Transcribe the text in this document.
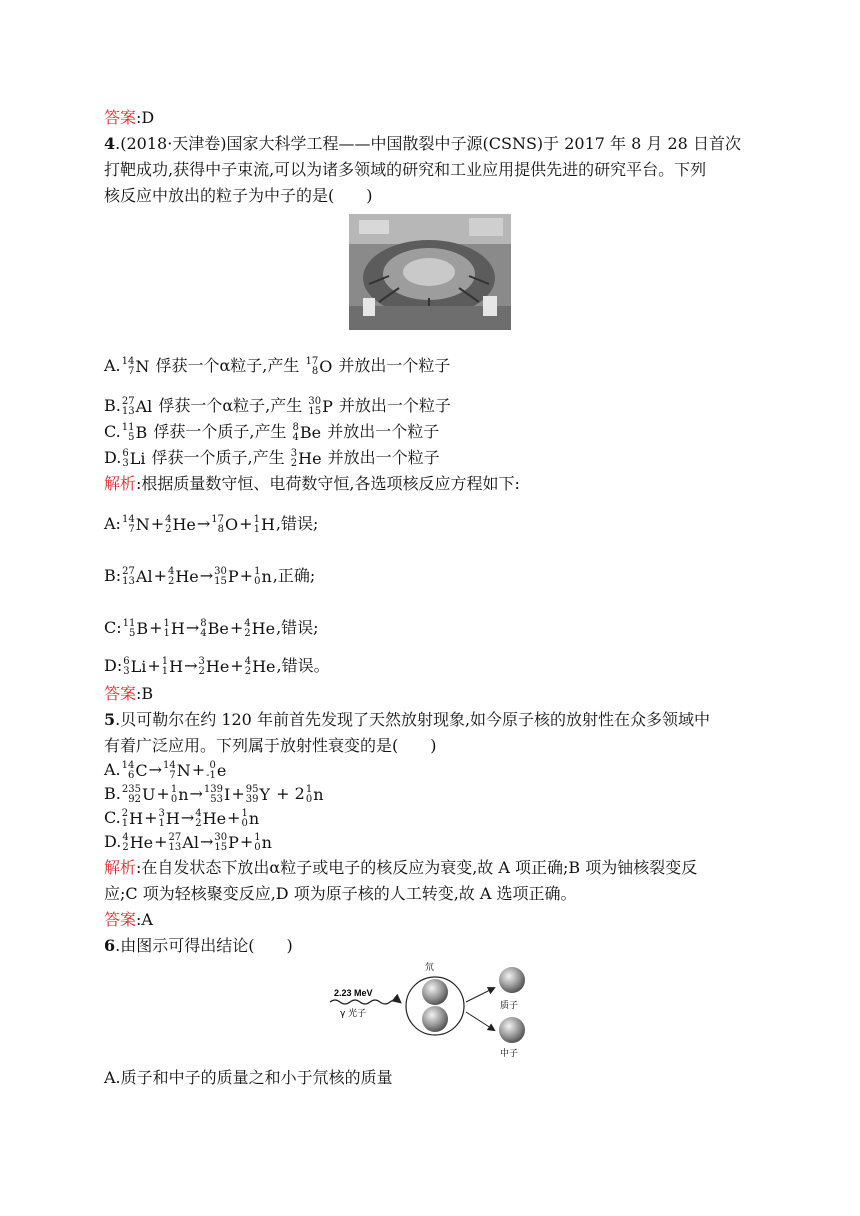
答案:D
4.(2018·天津卷)国家大科学工程——中国散裂中子源(CSNS)于 2017 年 8 月 28 日首次
打靶成功,获得中子束流,可以为诸多领域的研究和工业应用提供先进的研究平台。下列
核反应中放出的粒子为中子的是(　　)
A. 14
7 N 俘获一个α粒子,产生 17
8 O 并放出一个粒子
B. 27
13 Al 俘获一个α粒子,产生 30
15 P 并放出一个粒子
C. 11
5 B 俘获一个质子,产生 8
4 Be 并放出一个粒子
D. 6
3 Li 俘获一个质子,产生 3
2 He 并放出一个粒子
解析:根据质量数守恒、电荷数守恒,各选项核反应方程如下:
A: 14
7 N + 4
2 He → 17
8 O + 1
1 H ,错误;
B: 27
13 Al + 4
2 He → 30
15 P + 1
0 n ,正确;
C: 11
5 B + 1
1 H → 8
4 Be + 4
2 He ,错误;
D: 6
3 Li + 1
1 H → 3
2 He + 4
2 He ,错误。
答案:B
5.贝可勒尔在约 120 年前首先发现了天然放射现象,如今原子核的放射性在众多领域中
有着广泛应用。下列属于放射性衰变的是(　　)
A. 14
6 C → 14
7 N + 0
-1 e
B. 235
92 U + 1
0 n → 139
53 I + 95
39 Y + 2 1
0 n
C. 2
1 H + 3
1 H → 4
2 He + 1
0 n
D. 4
2 He + 27
13 Al → 30
15 P + 1
0 n
解析:在自发状态下放出α粒子或电子的核反应为衰变,故 A 项正确;B 项为铀核裂变反
应;C 项为轻核聚变反应,D 项为原子核的人工转变,故 A 选项正确。
答案:A
6.由图示可得出结论(　　)
2.23 MeV
γ 光子
氘
质子
中子
A.质子和中子的质量之和小于氘核的质量
